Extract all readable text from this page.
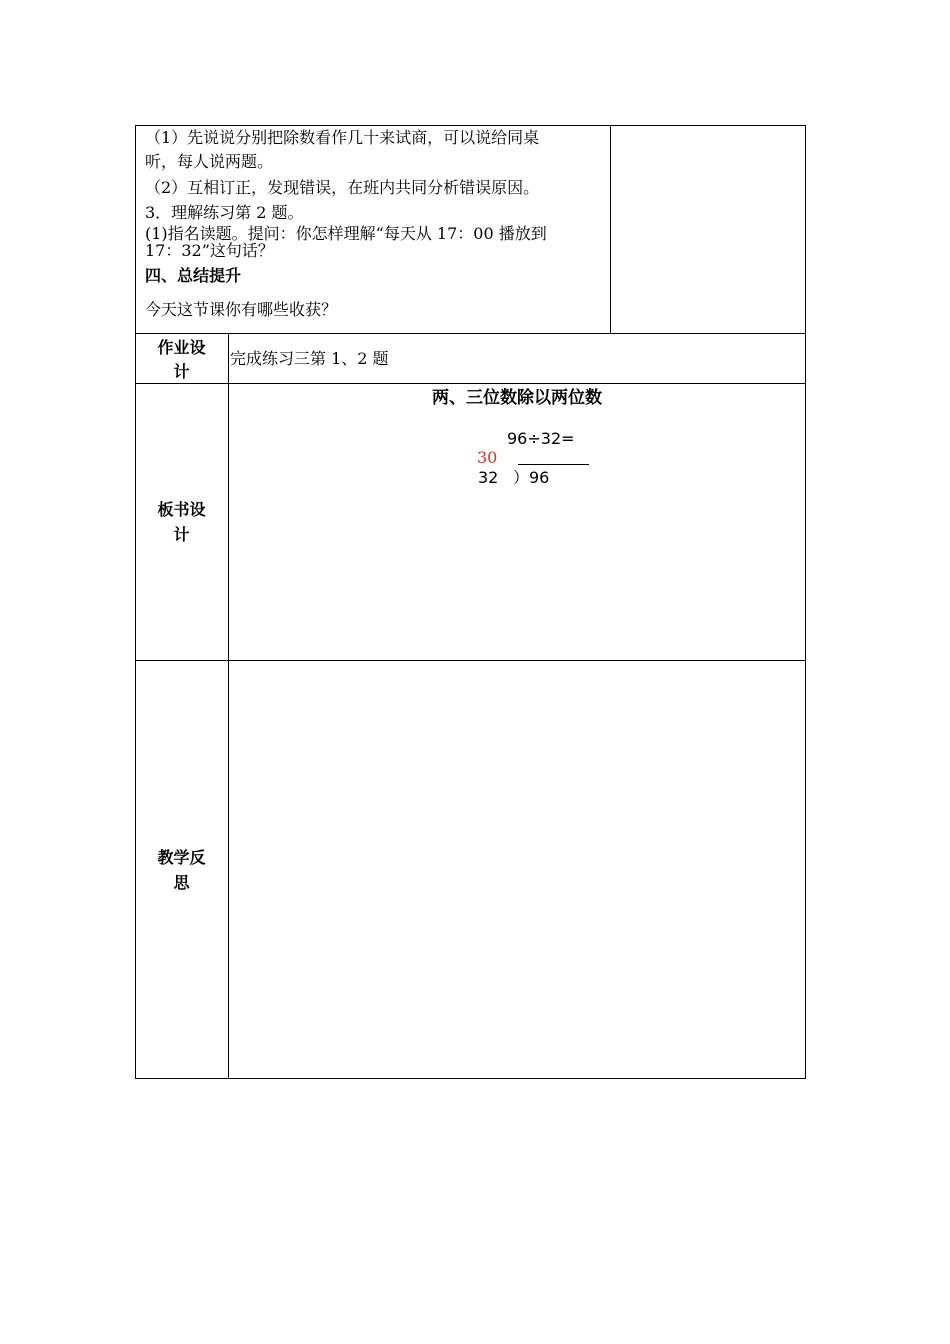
（1）先说说分别把除数看作几十来试商，可以说给同桌
听，每人说两题。
（2）互相订正，发现错误，在班内共同分析错误原因。
3．理解练习第 2 题。
(1)指名读题。提问：你怎样理解“每天从 17：00 播放到
17：32”这句话？
四、总结提升
今天这节课你有哪些收获？
作业设
计
完成练习三第 1、2 题
板书设
计
两、三位数除以两位数
96÷32=
30
32 ）96
教学反
思
